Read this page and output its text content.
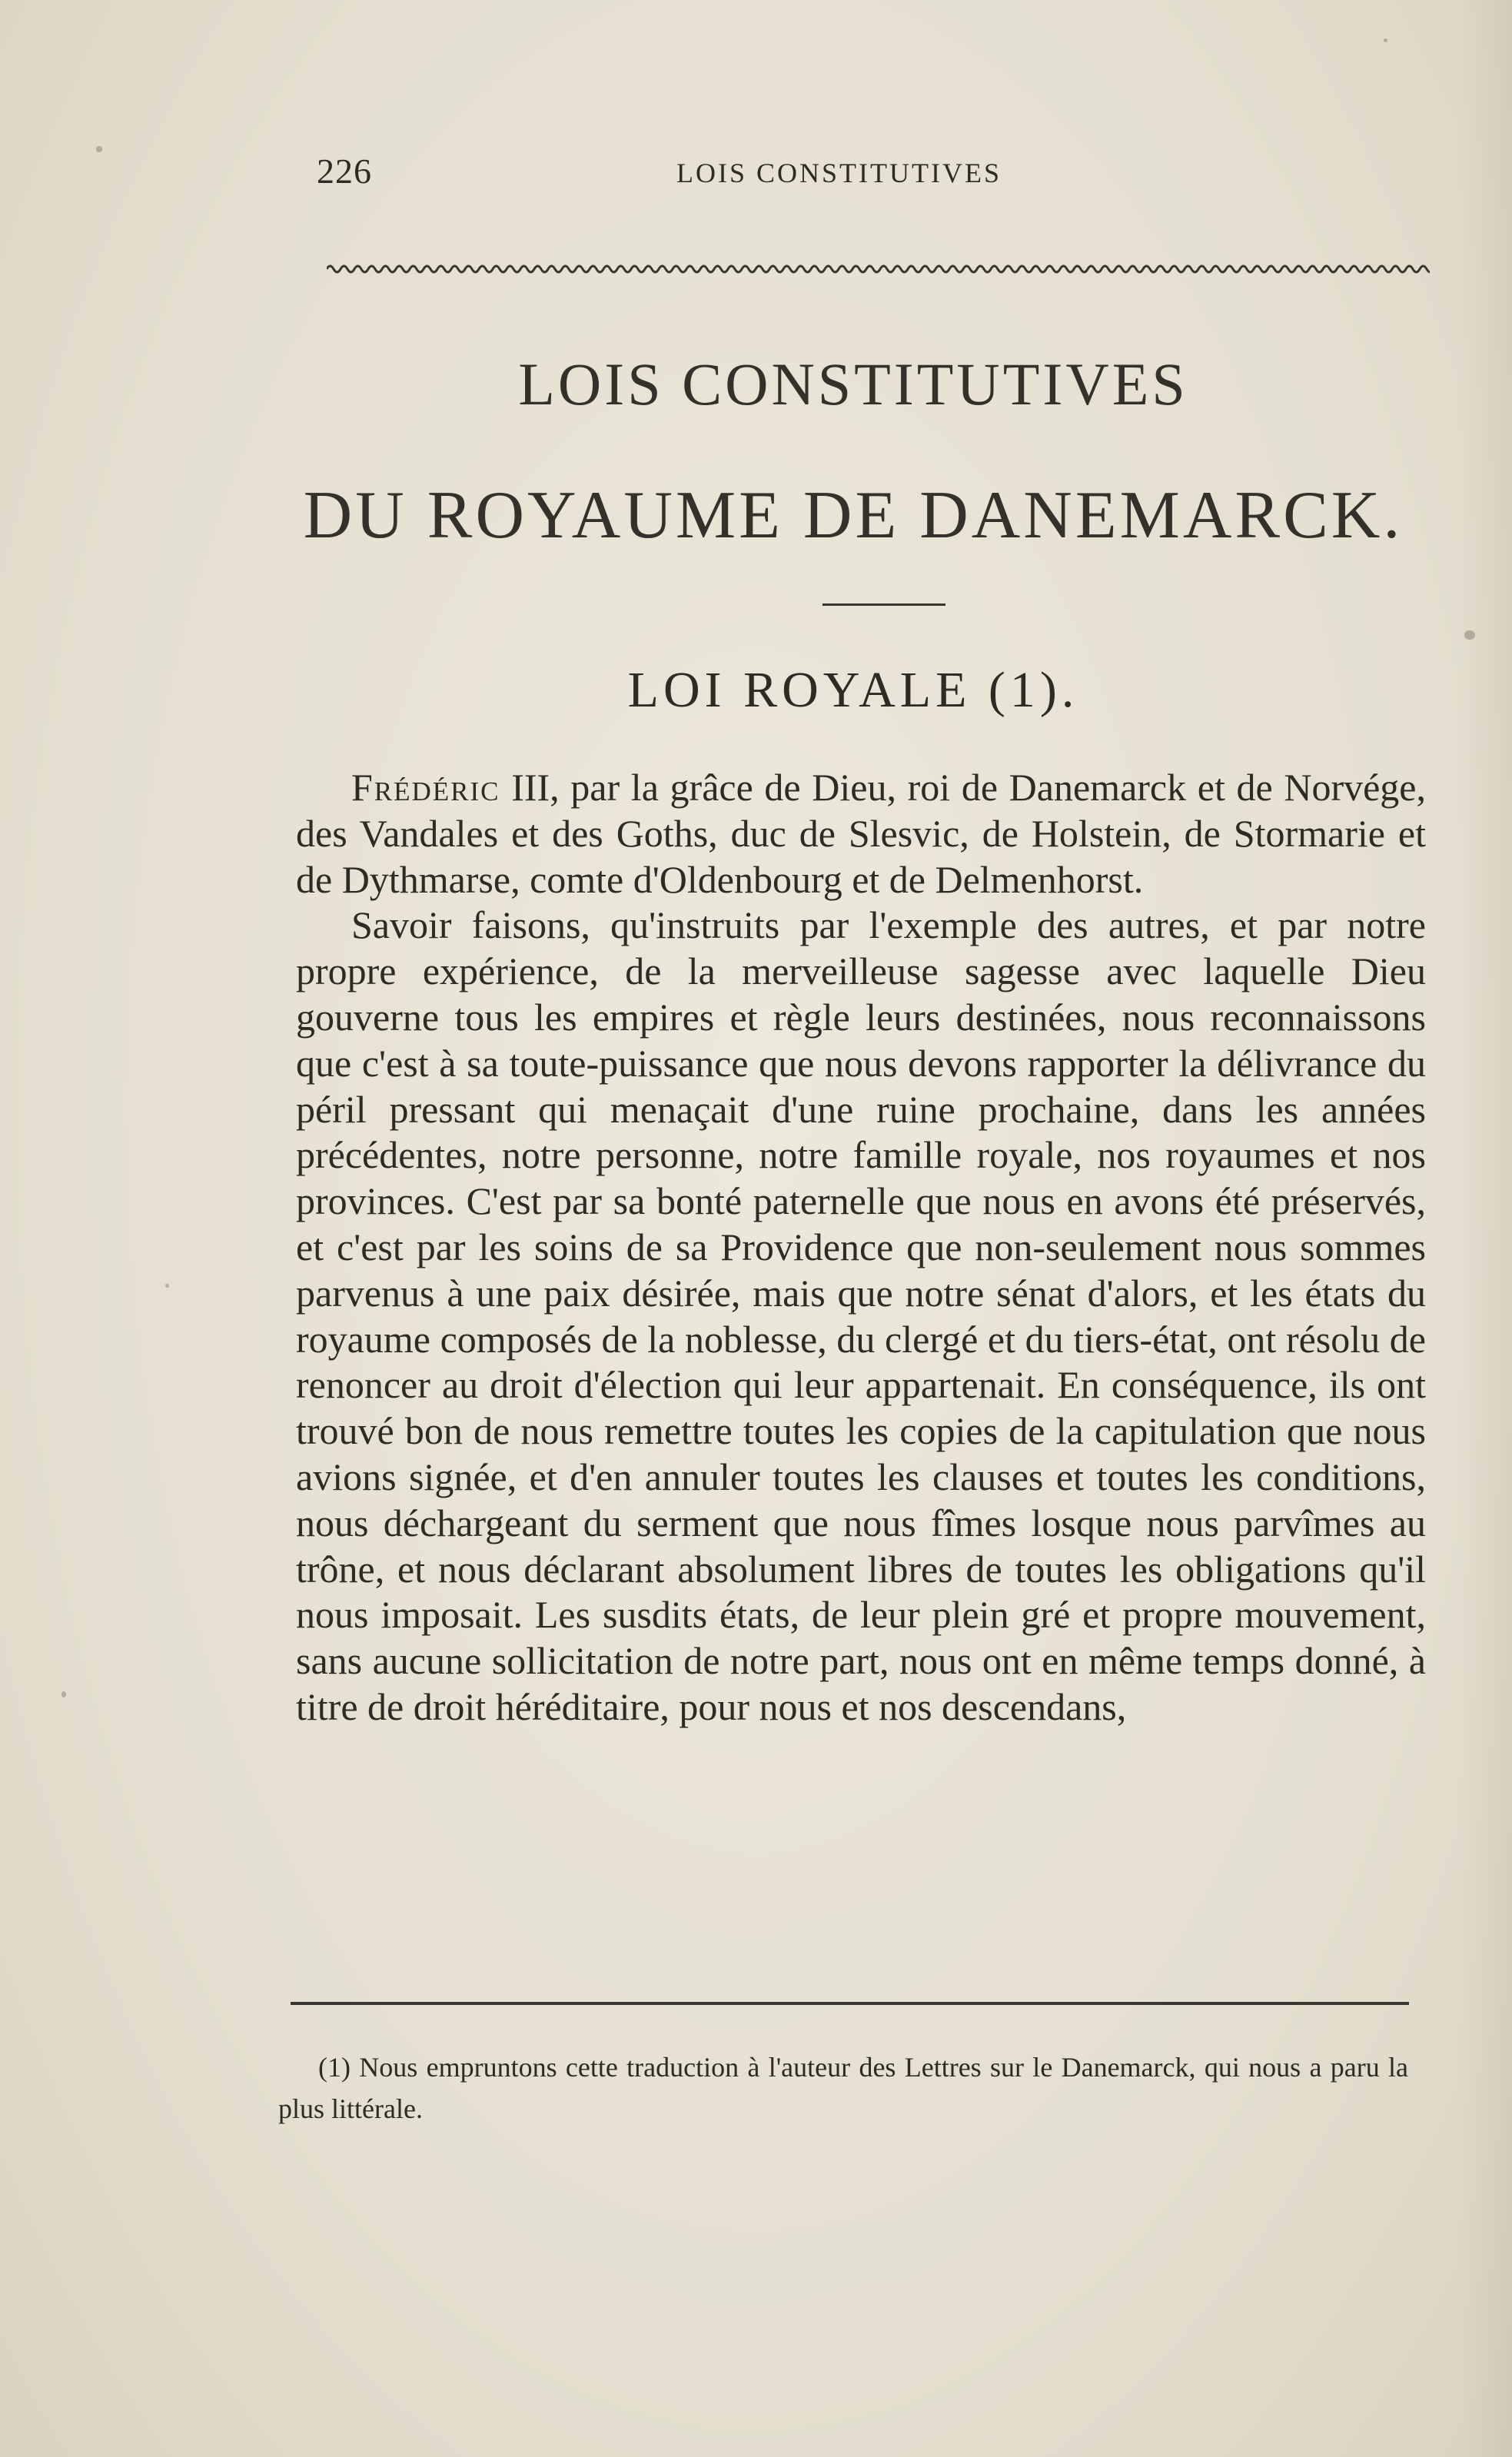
226	LOIS CONSTITUTIVES
LOIS CONSTITUTIVES
DU ROYAUME DE DANEMARCK.
LOI ROYALE (1).

Frédéric III, par la grâce de Dieu, roi de Danemarck et de Norvége, des Vandales et des Goths, duc de Slesvic, de Holstein, de Stormarie et de Dythmarse, comte d'Oldenbourg et de Delmenhorst.

Savoir faisons, qu'instruits par l'exemple des autres, et par notre propre expérience, de la merveilleuse sagesse avec laquelle Dieu gouverne tous les empires et règle leurs destinées, nous reconnaissons que c'est à sa toute-puissance que nous devons rapporter la délivrance du péril pressant qui menaçait d'une ruine prochaine, dans les années précédentes, notre personne, notre famille royale, nos royaumes et nos provinces. C'est par sa bonté paternelle que nous en avons été préservés, et c'est par les soins de sa Providence que non-seulement nous sommes parvenus à une paix désirée, mais que notre sénat d'alors, et les états du royaume composés de la noblesse, du clergé et du tiers-état, ont résolu de renoncer au droit d'élection qui leur appartenait. En conséquence, ils ont trouvé bon de nous remettre toutes les copies de la capitulation que nous avions signée, et d'en annuler toutes les clauses et toutes les conditions, nous déchargeant du serment que nous fîmes losque nous parvîmes au trône, et nous déclarant absolument libres de toutes les obligations qu'il nous imposait. Les susdits états, de leur plein gré et propre mouvement, sans aucune sollicitation de notre part, nous ont en même temps donné, à titre de droit héréditaire, pour nous et nos descendans,

(1) Nous empruntons cette traduction à l'auteur des Lettres sur le Danemarck, qui nous a paru la plus littérale.
